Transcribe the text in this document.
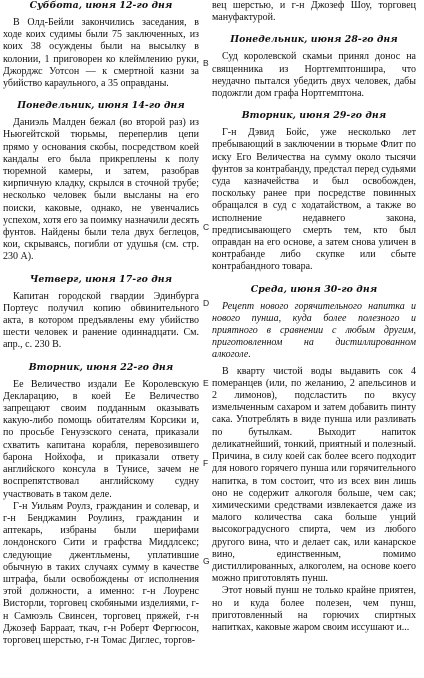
Суббота, июня 12-го дня

В Олд-Бейли закончились заседания, в ходе коих судимы были 75 заключенных, из коих 38 осуждены были на высылку в колонии, 1 приговорен ко клеймлению руки, Джорджс Уотсон — к смертной казни за убийство караульного, а 35 оправданы.

Понедельник, июня 14-го дня

Даниэль Малден бежал (во второй раз) из Ньюгейтской тюрьмы, переперлив цепи прямо у основания скобы, посредством коей кандалы его была прикреплены к полу тюремной камеры, и затем, разобрав кирпичную кладку, скрылся в сточной трубе; несколько человек были высланы на его поиски, каковые, однако, не увенчались успехом, хотя его за поимку назначили десять фунтов. Найдены были тела двух беглецов, кои, скрываясь, погибли от удушья (см. стр. 230 А).

Четверг, июня 17-го дня

Капитан городской гвардии Эдинбурга Портеус получил копию обвинительного акта, в котором предъявлены ему убийство шести человек и ранение одиннадцати. См. апр., с. 230 B.

Вторник, июня 22-го дня

Ее Величество издали Ее Королевскую Декларацию, в коей Ее Величество запрещают своим подданным оказывать какую-либо помощь обитателям Корсики и, по просьбе Генуэзского сената, приказали схватить капитана корабля, перевозившего барона Нойхофа, и приказали ответу английского консула в Тунисе, зачем не воспрепятствовал английскому судну участвовать в таком деле.

Г-н Уильям Роулз, гражданин и солевар, и г-н Бенджамин Роулинз, гражданин и аптекарь, избраны были шерифами лондонского Сити и графства Миддлсекс; следующие джентльмены, уплатившие обычную в таких случаях сумму в качестве штрафа, были освобождены от исполнения этой должности, а именно: г-н Лоуренс Висторли, торговец скобяными изделиями, г-н Самюэль Свинсен, торговец пряжей, г-н Джозеф Барраат, ткач, г-н Роберт Фергюсон, торговец шерстью, г-н Томас Диглес, торгов-

B
C
D
E
F
G

вец шерстью, и г-н Джозеф Шоу, торговец мануфактурой.

Понедельник, июня 28-го дня

Суд королевской скамьи принял донос на священника из Нортгемптоншира, что неудачно пытался убедить двух человек, дабы подожгли дом графа Нортгемптона.

Вторник, июня 29-го дня

Г-н Дэвид Бойс, уже несколько лет пребывающий в заключении в тюрьме Флит по иску Его Величества на сумму около тысячи фунтов за контрабанду, предстал перед судьями суда казначейства и был освобожден, поскольку ранее при посредстве повинных обращался в суд с ходатайством, а также во исполнение недавнего закона, предписывающего смерть тем, кто был оправдан на его основе, а затем снова уличен в контрабанде либо скупке или сбыте контрабандного товара.

Среда, июня 30-го дня

Рецепт нового горячительного напитка и нового пунша, куда более полезного и приятного в сравнении с любым другим, приготовленном на дистиллированном алкоголе.

В кварту чистой воды выдавить сок 4 померанцев (или, по желанию, 2 апельсинов и 2 лимонов), подсластить по вкусу измельченным сахаром и затем добавить пинту сака. Употреблять в виде пунша или разливать по бутылкам. Выходит напиток деликатнейший, тонкий, приятный и полезный. Причина, в силу коей сак более всего подходит для нового горячего пунша или горячительного напитка, в том состоит, что из всех вин лишь оно не содержит алкоголя больше, чем сак; химическими средствами извлекается даже из малого количества сака больше унций высокоградусного спирта, чем из любого другого вина, что и делает сак, или канарское вино, единственным, помимо дистиллированных, алкоголем, на основе коего можно приготовлять пунш.

Этот новый пунш не только крайне приятен, но и куда более полезен, чем пунш, приготовленный на горючих спиртных напитках, каковые жаром своим иссушают и...
